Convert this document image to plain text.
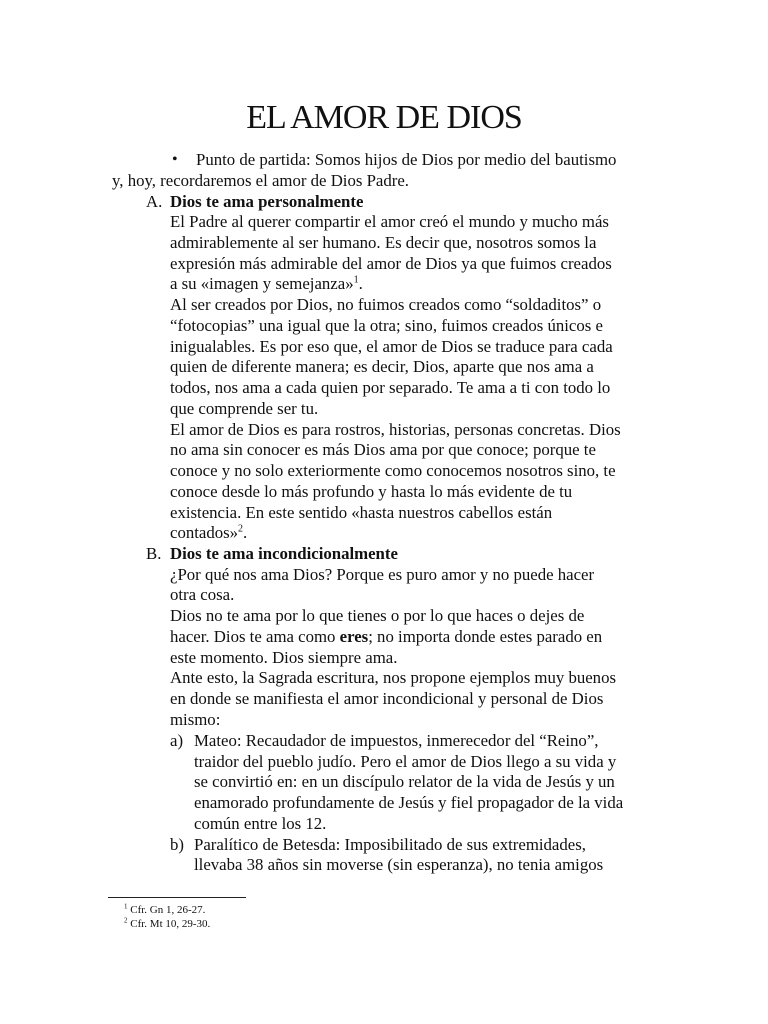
EL AMOR DE DIOS
• Punto de partida: Somos hijos de Dios por medio del bautismo
y, hoy, recordaremos el amor de Dios Padre.
A. Dios te ama personalmente
El Padre al querer compartir el amor creó el mundo y mucho más
admirablemente al ser humano. Es decir que, nosotros somos la
expresión más admirable del amor de Dios ya que fuimos creados
a su «imagen y semejanza»$^1$.
Al ser creados por Dios, no fuimos creados como “soldaditos” o
“fotocopias” una igual que la otra; sino, fuimos creados únicos e
inigualables. Es por eso que, el amor de Dios se traduce para cada
quien de diferente manera; es decir, Dios, aparte que nos ama a
todos, nos ama a cada quien por separado. Te ama a ti con todo lo
que comprende ser tu.
El amor de Dios es para rostros, historias, personas concretas. Dios
no ama sin conocer es más Dios ama por que conoce; porque te
conoce y no solo exteriormente como conocemos nosotros sino, te
conoce desde lo más profundo y hasta lo más evidente de tu
existencia. En este sentido «hasta nuestros cabellos están
contados»$^2$.
B. Dios te ama incondicionalmente
¿Por qué nos ama Dios? Porque es puro amor y no puede hacer
otra cosa.
Dios no te ama por lo que tienes o por lo que haces o dejes de
hacer. Dios te ama como eres; no importa donde estes parado en
este momento. Dios siempre ama.
Ante esto, la Sagrada escritura, nos propone ejemplos muy buenos
en donde se manifiesta el amor incondicional y personal de Dios
mismo:
a) Mateo: Recaudador de impuestos, inmerecedor del “Reino”,
traidor del pueblo judío. Pero el amor de Dios llego a su vida y
se convirtió en: en un discípulo relator de la vida de Jesús y un
enamorado profundamente de Jesús y fiel propagador de la vida
común entre los 12.
b) Paralítico de Betesda: Imposibilitado de sus extremidades,
llevaba 38 años sin moverse (sin esperanza), no tenia amigos
$^1$ Cfr. Gn 1, 26-27.
$^2$ Cfr. Mt 10, 29-30.
